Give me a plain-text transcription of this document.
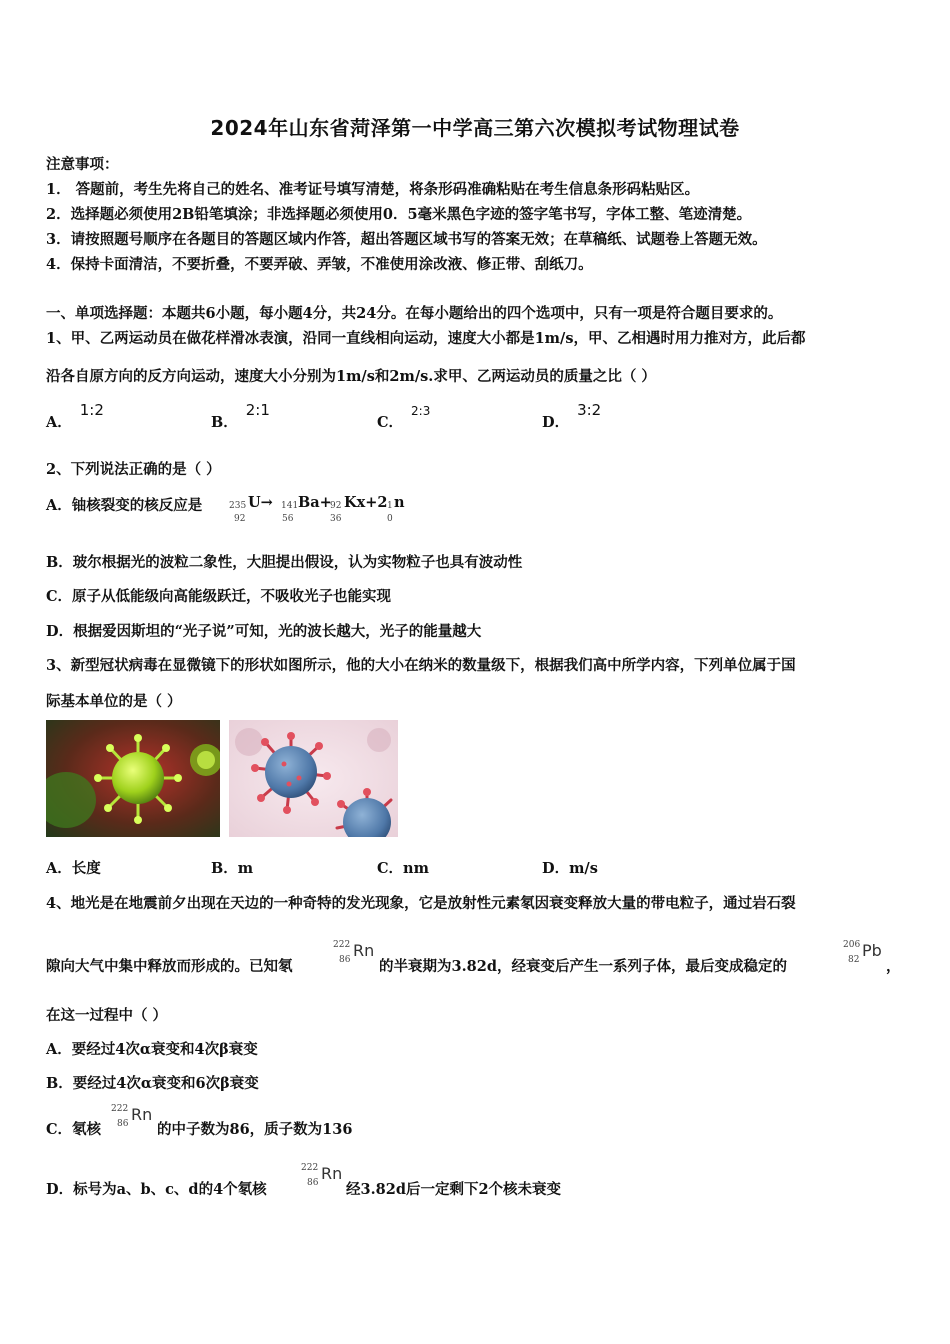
2024年山东省菏泽第一中学高三第六次模拟考试物理试卷
注意事项：
1． 答题前，考生先将自己的姓名、准考证号填写清楚，将条形码准确粘贴在考生信息条形码粘贴区。
2．选择题必须使用2B铅笔填涂；非选择题必须使用0．5毫米黑色字迹的签字笔书写，字体工整、笔迹清楚。
3．请按照题号顺序在各题目的答题区域内作答，超出答题区域书写的答案无效；在草稿纸、试题卷上答题无效。
4．保持卡面清洁，不要折叠，不要弄破、弄皱，不准使用涂改液、修正带、刮纸刀。
一、单项选择题：本题共6小题，每小题4分，共24分。在每小题给出的四个选项中，只有一项是符合题目要求的。
1、甲、乙两运动员在做花样滑冰表演，沿同一直线相向运动，速度大小都是1m/s，甲、乙相遇时用力推对方，此后都
沿各自原方向的反方向运动，速度大小分别为1m/s和2m/s.求甲、乙两运动员的质量之比（ ）
A．1:2
B．2:1
C．$^{2:3}$
D．3:2
2、下列说法正确的是（ ）
A．铀核裂变的核反应是	235
92
U→ 141
56
Ba+
92
36
Kx+2 1
0
n
B．玻尔根据光的波粒二象性，大胆提出假设，认为实物粒子也具有波动性
C．原子从低能级向高能级跃迁，不吸收光子也能实现
D．根据爱因斯坦的“光子说”可知，光的波长越大，光子的能量越大
3、新型冠状病毒在显微镜下的形状如图所示，他的大小在纳米的数量级下，根据我们高中所学内容，下列单位属于国
际基本单位的是（ ）
A．长度	B．m	C．nm	D．m/s
4、地光是在地震前夕出现在天边的一种奇特的发光现象，它是放射性元素氡因衰变释放大量的带电粒子，通过岩石裂
隙向大气中集中释放而形成的。已知氡
222
86 Rn
的半衰期为3.82d，经衰变后产生一系列子体，最后变成稳定的
206
82 Pb
，
在这一过程中（ ）
A．要经过4次α衰变和4次β衰变
B．要经过4次α衰变和6次β衰变
C．氡核
222
86 Rn
的中子数为86，质子数为136
D．标号为a、b、c、d的4个氡核
222
86 Rn
经3.82d后一定剩下2个核未衰变
